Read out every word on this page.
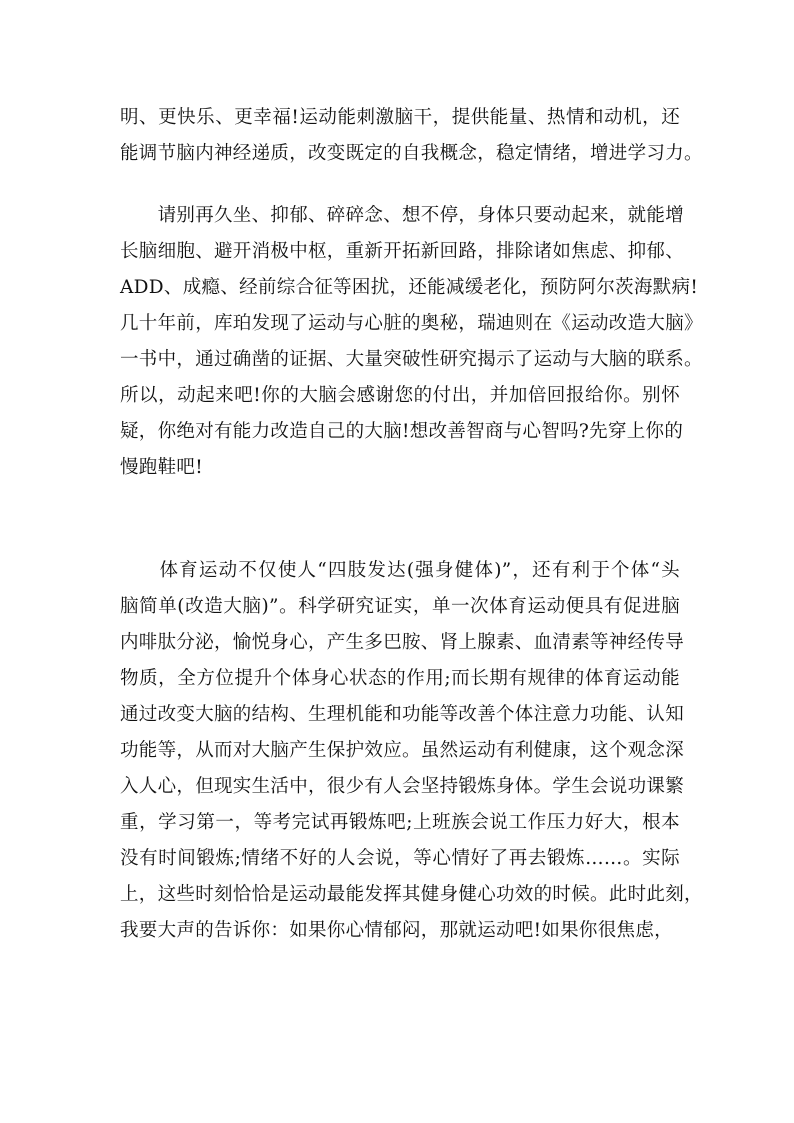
明、更快乐、更幸福!运动能刺激脑干，提供能量、热情和动机，还
能调节脑内神经递质，改变既定的自我概念，稳定情绪，增进学习力。
　　请别再久坐、抑郁、碎碎念、想不停，身体只要动起来，就能增
长脑细胞、避开消极中枢，重新开拓新回路，排除诸如焦虑、抑郁、
ADD、成瘾、经前综合征等困扰，还能减缓老化，预防阿尔茨海默病!
几十年前，库珀发现了运动与心脏的奥秘，瑞迪则在《运动改造大脑》
一书中，通过确凿的证据、大量突破性研究揭示了运动与大脑的联系。
所以，动起来吧!你的大脑会感谢您的付出，并加倍回报给你。别怀
疑，你绝对有能力改造自己的大脑!想改善智商与心智吗?先穿上你的
慢跑鞋吧!
　　体育运动不仅使人“四肢发达(强身健体)”，还有利于个体“头
脑简单(改造大脑)”。科学研究证实，单一次体育运动便具有促进脑
内啡肽分泌，愉悦身心，产生多巴胺、肾上腺素、血清素等神经传导
物质，全方位提升个体身心状态的作用;而长期有规律的体育运动能
通过改变大脑的结构、生理机能和功能等改善个体注意力功能、认知
功能等，从而对大脑产生保护效应。虽然运动有利健康，这个观念深
入人心，但现实生活中，很少有人会坚持锻炼身体。学生会说功课繁
重，学习第一，等考完试再锻炼吧;上班族会说工作压力好大，根本
没有时间锻炼;情绪不好的人会说，等心情好了再去锻炼……。实际
上，这些时刻恰恰是运动最能发挥其健身健心功效的时候。此时此刻，
我要大声的告诉你：如果你心情郁闷，那就运动吧!如果你很焦虑，
